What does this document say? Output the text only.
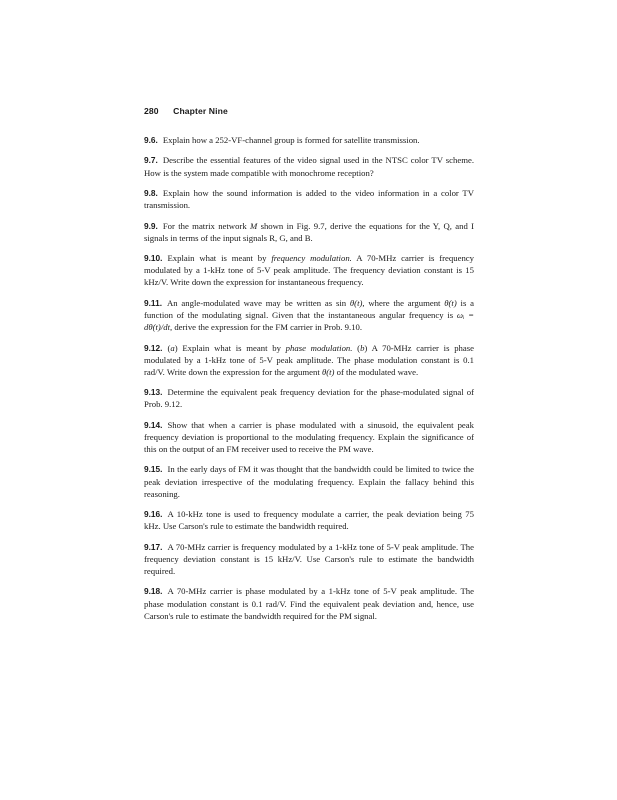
280 Chapter Nine

9.6. Explain how a 252-VF-channel group is formed for satellite transmission.

9.7. Describe the essential features of the video signal used in the NTSC color TV scheme. How is the system made compatible with monochrome reception?

9.8. Explain how the sound information is added to the video information in a color TV transmission.

9.9. For the matrix network M shown in Fig. 9.7, derive the equations for the Y, Q, and I signals in terms of the input signals R, G, and B.

9.10. Explain what is meant by frequency modulation. A 70-MHz carrier is frequency modulated by a 1-kHz tone of 5-V peak amplitude. The frequency deviation constant is 15 kHz/V. Write down the expression for instantaneous frequency.

9.11. An angle-modulated wave may be written as sin θ(t), where the argument θ(t) is a function of the modulating signal. Given that the instantaneous angular frequency is ωᵢ = dθ(t)/dt, derive the expression for the FM carrier in Prob. 9.10.

9.12. (a) Explain what is meant by phase modulation. (b) A 70-MHz carrier is phase modulated by a 1-kHz tone of 5-V peak amplitude. The phase modulation constant is 0.1 rad/V. Write down the expression for the argument θ(t) of the modulated wave.

9.13. Determine the equivalent peak frequency deviation for the phase-modulated signal of Prob. 9.12.

9.14. Show that when a carrier is phase modulated with a sinusoid, the equivalent peak frequency deviation is proportional to the modulating frequency. Explain the significance of this on the output of an FM receiver used to receive the PM wave.

9.15. In the early days of FM it was thought that the bandwidth could be limited to twice the peak deviation irrespective of the modulating frequency. Explain the fallacy behind this reasoning.

9.16. A 10-kHz tone is used to frequency modulate a carrier, the peak deviation being 75 kHz. Use Carson's rule to estimate the bandwidth required.

9.17. A 70-MHz carrier is frequency modulated by a 1-kHz tone of 5-V peak amplitude. The frequency deviation constant is 15 kHz/V. Use Carson's rule to estimate the bandwidth required.

9.18. A 70-MHz carrier is phase modulated by a 1-kHz tone of 5-V peak amplitude. The phase modulation constant is 0.1 rad/V. Find the equivalent peak deviation and, hence, use Carson's rule to estimate the bandwidth required for the PM signal.
